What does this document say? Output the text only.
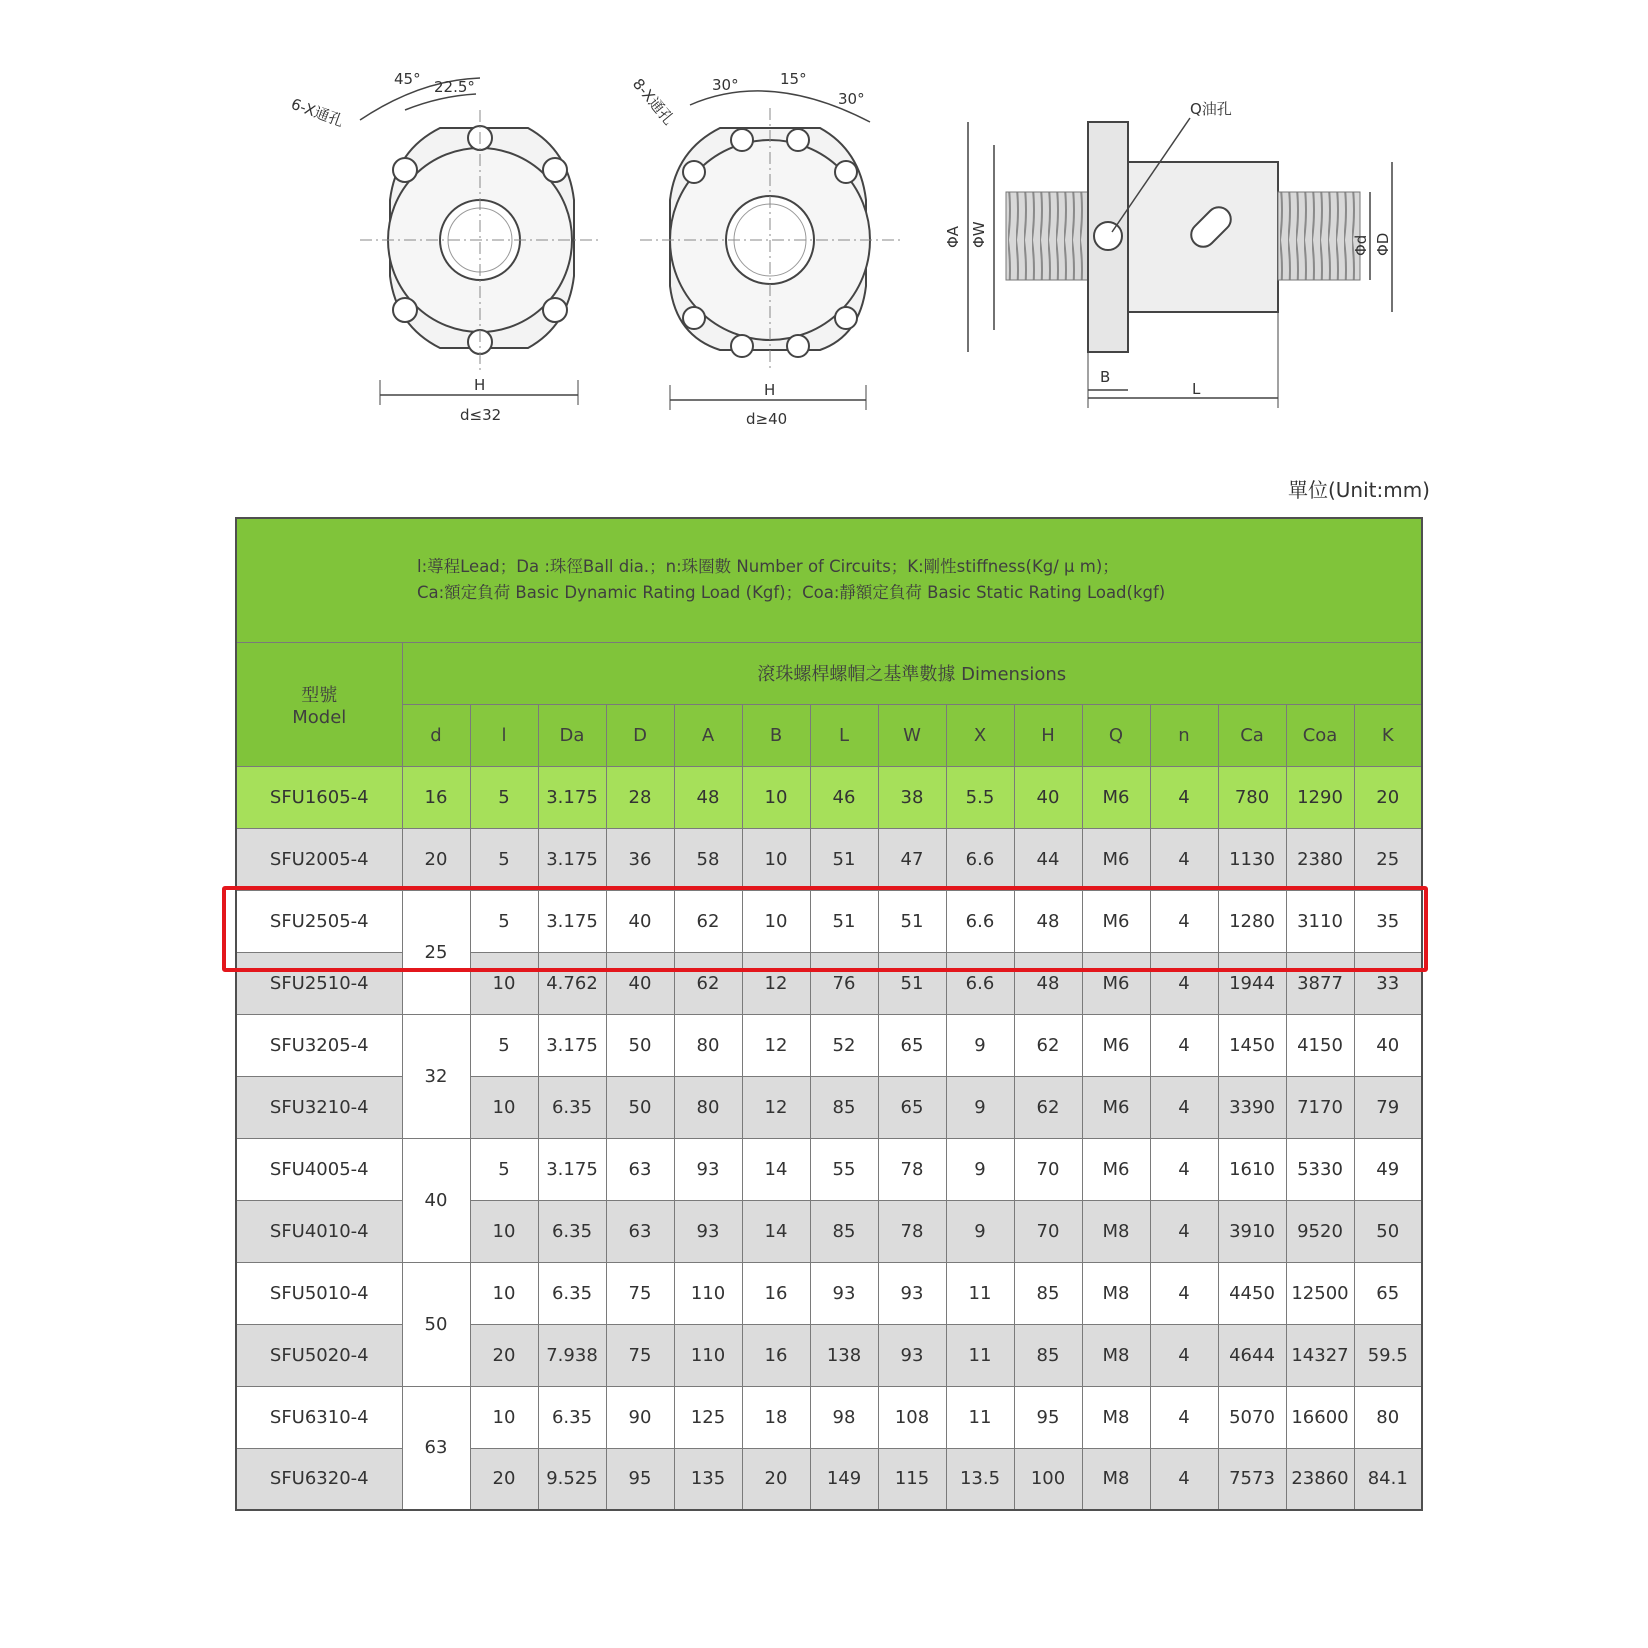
45° 22.5°
6-X通孔
H
d≤32
30°	15°
30°
8-X通孔
H
d≥40
Q油孔
ΦA ΦW	Φd ΦD
B
L
單位(Unit:mm)
l:導程Lead；Da :珠徑Ball dia.；n:珠圈數 Number of Circuits；K:剛性stiffness(Kg/ μ m)；
Ca:額定負荷 Basic Dynamic Rating Load (Kgf)；Coa:靜額定負荷 Basic Static Rating Load(kgf)															

型號
Model	滾珠螺桿螺帽之基準數據 Dimensions														
	d	l	Da	D	A	B	L	W	X	H	Q	n	Ca	Coa	K
SFU1605-4	16	5	3.175	28	48	10	46	38	5.5	40	M6	4	780	1290	20
SFU2005-4	20	5	3.175	36	58	10	51	47	6.6	44	M6	4	1130	2380	25
SFU2505-4	25	5	3.175	40	62	10	51	51	6.6	48	M6	4	1280	3110	35
SFU2510-4		10	4.762	40	62	12	76	51	6.6	48	M6	4	1944	3877	33
SFU3205-4	32	5	3.175	50	80	12	52	65	9	62	M6	4	1450	4150	40
SFU3210-4		10	6.35	50	80	12	85	65	9	62	M6	4	3390	7170	79
SFU4005-4	40	5	3.175	63	93	14	55	78	9	70	M6	4	1610	5330	49
SFU4010-4		10	6.35	63	93	14	85	78	9	70	M8	4	3910	9520	50
SFU5010-4	50	10	6.35	75	110	16	93	93	11	85	M8	4	4450	12500	65
SFU5020-4		20	7.938	75	110	16	138	93	11	85	M8	4	4644	14327	59.5
SFU6310-4	63	10	6.35	90	125	18	98	108	11	95	M8	4	5070	16600	80
SFU6320-4		20	9.525	95	135	20	149	115	13.5	100	M8	4	7573	23860	84.1
